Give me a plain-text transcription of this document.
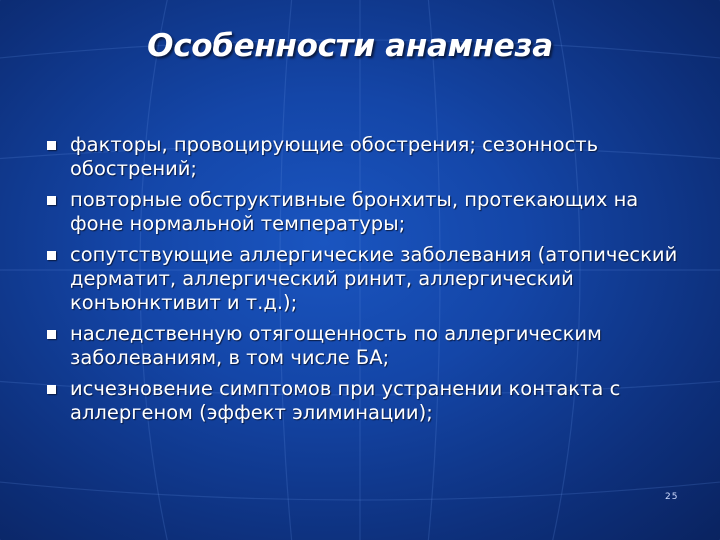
Особенности анамнеза
факторы, провоцирующие обострения; сезонность обострений;
повторные обструктивные бронхиты, протекающих на фоне нормальной температуры;
сопутствующие аллергические заболевания (атопический дерматит, аллергический ринит, аллергический конъюнктивит и т.д.);
наследственную отягощенность по аллергическим заболеваниям, в том числе БА;
исчезновение симптомов при устранении контакта с аллергеном (эффект элиминации);
25
